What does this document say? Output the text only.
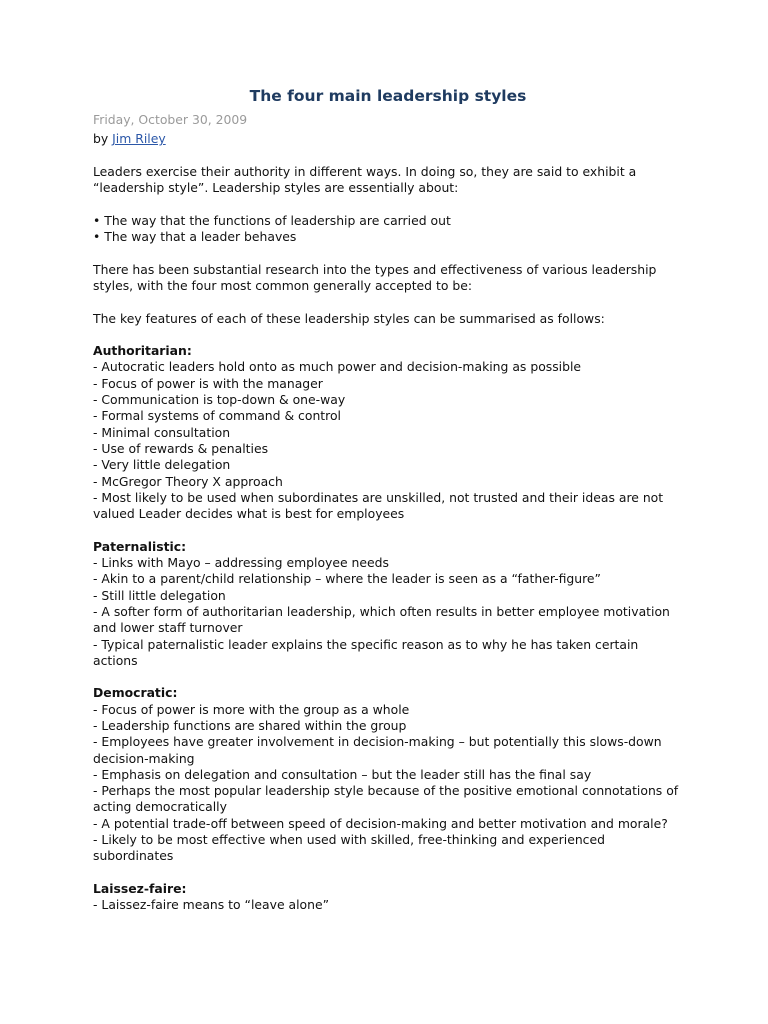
The four main leadership styles

Friday, October 30, 2009

by Jim Riley

Leaders exercise their authority in different ways. In doing so, they are said to exhibit a “leadership style”. Leadership styles are essentially about:

• The way that the functions of leadership are carried out
• The way that a leader behaves

There has been substantial research into the types and effectiveness of various leadership styles, with the four most common generally accepted to be:

The key features of each of these leadership styles can be summarised as follows:

Authoritarian:
- Autocratic leaders hold onto as much power and decision-making as possible
- Focus of power is with the manager
- Communication is top-down & one-way
- Formal systems of command & control
- Minimal consultation
- Use of rewards & penalties
- Very little delegation
- McGregor Theory X approach
- Most likely to be used when subordinates are unskilled, not trusted and their ideas are not valued Leader decides what is best for employees
Paternalistic:
- Links with Mayo – addressing employee needs
- Akin to a parent/child relationship – where the leader is seen as a “father-figure”
- Still little delegation
- A softer form of authoritarian leadership, which often results in better employee motivation and lower staff turnover
- Typical paternalistic leader explains the specific reason as to why he has taken certain actions
Democratic:
- Focus of power is more with the group as a whole
- Leadership functions are shared within the group
- Employees have greater involvement in decision-making – but potentially this slows-down decision-making
- Emphasis on delegation and consultation – but the leader still has the final say
- Perhaps the most popular leadership style because of the positive emotional connotations of acting democratically
- A potential trade-off between speed of decision-making and better motivation and morale?
- Likely to be most effective when used with skilled, free-thinking and experienced subordinates
Laissez-faire:
- Laissez-faire means to “leave alone”
